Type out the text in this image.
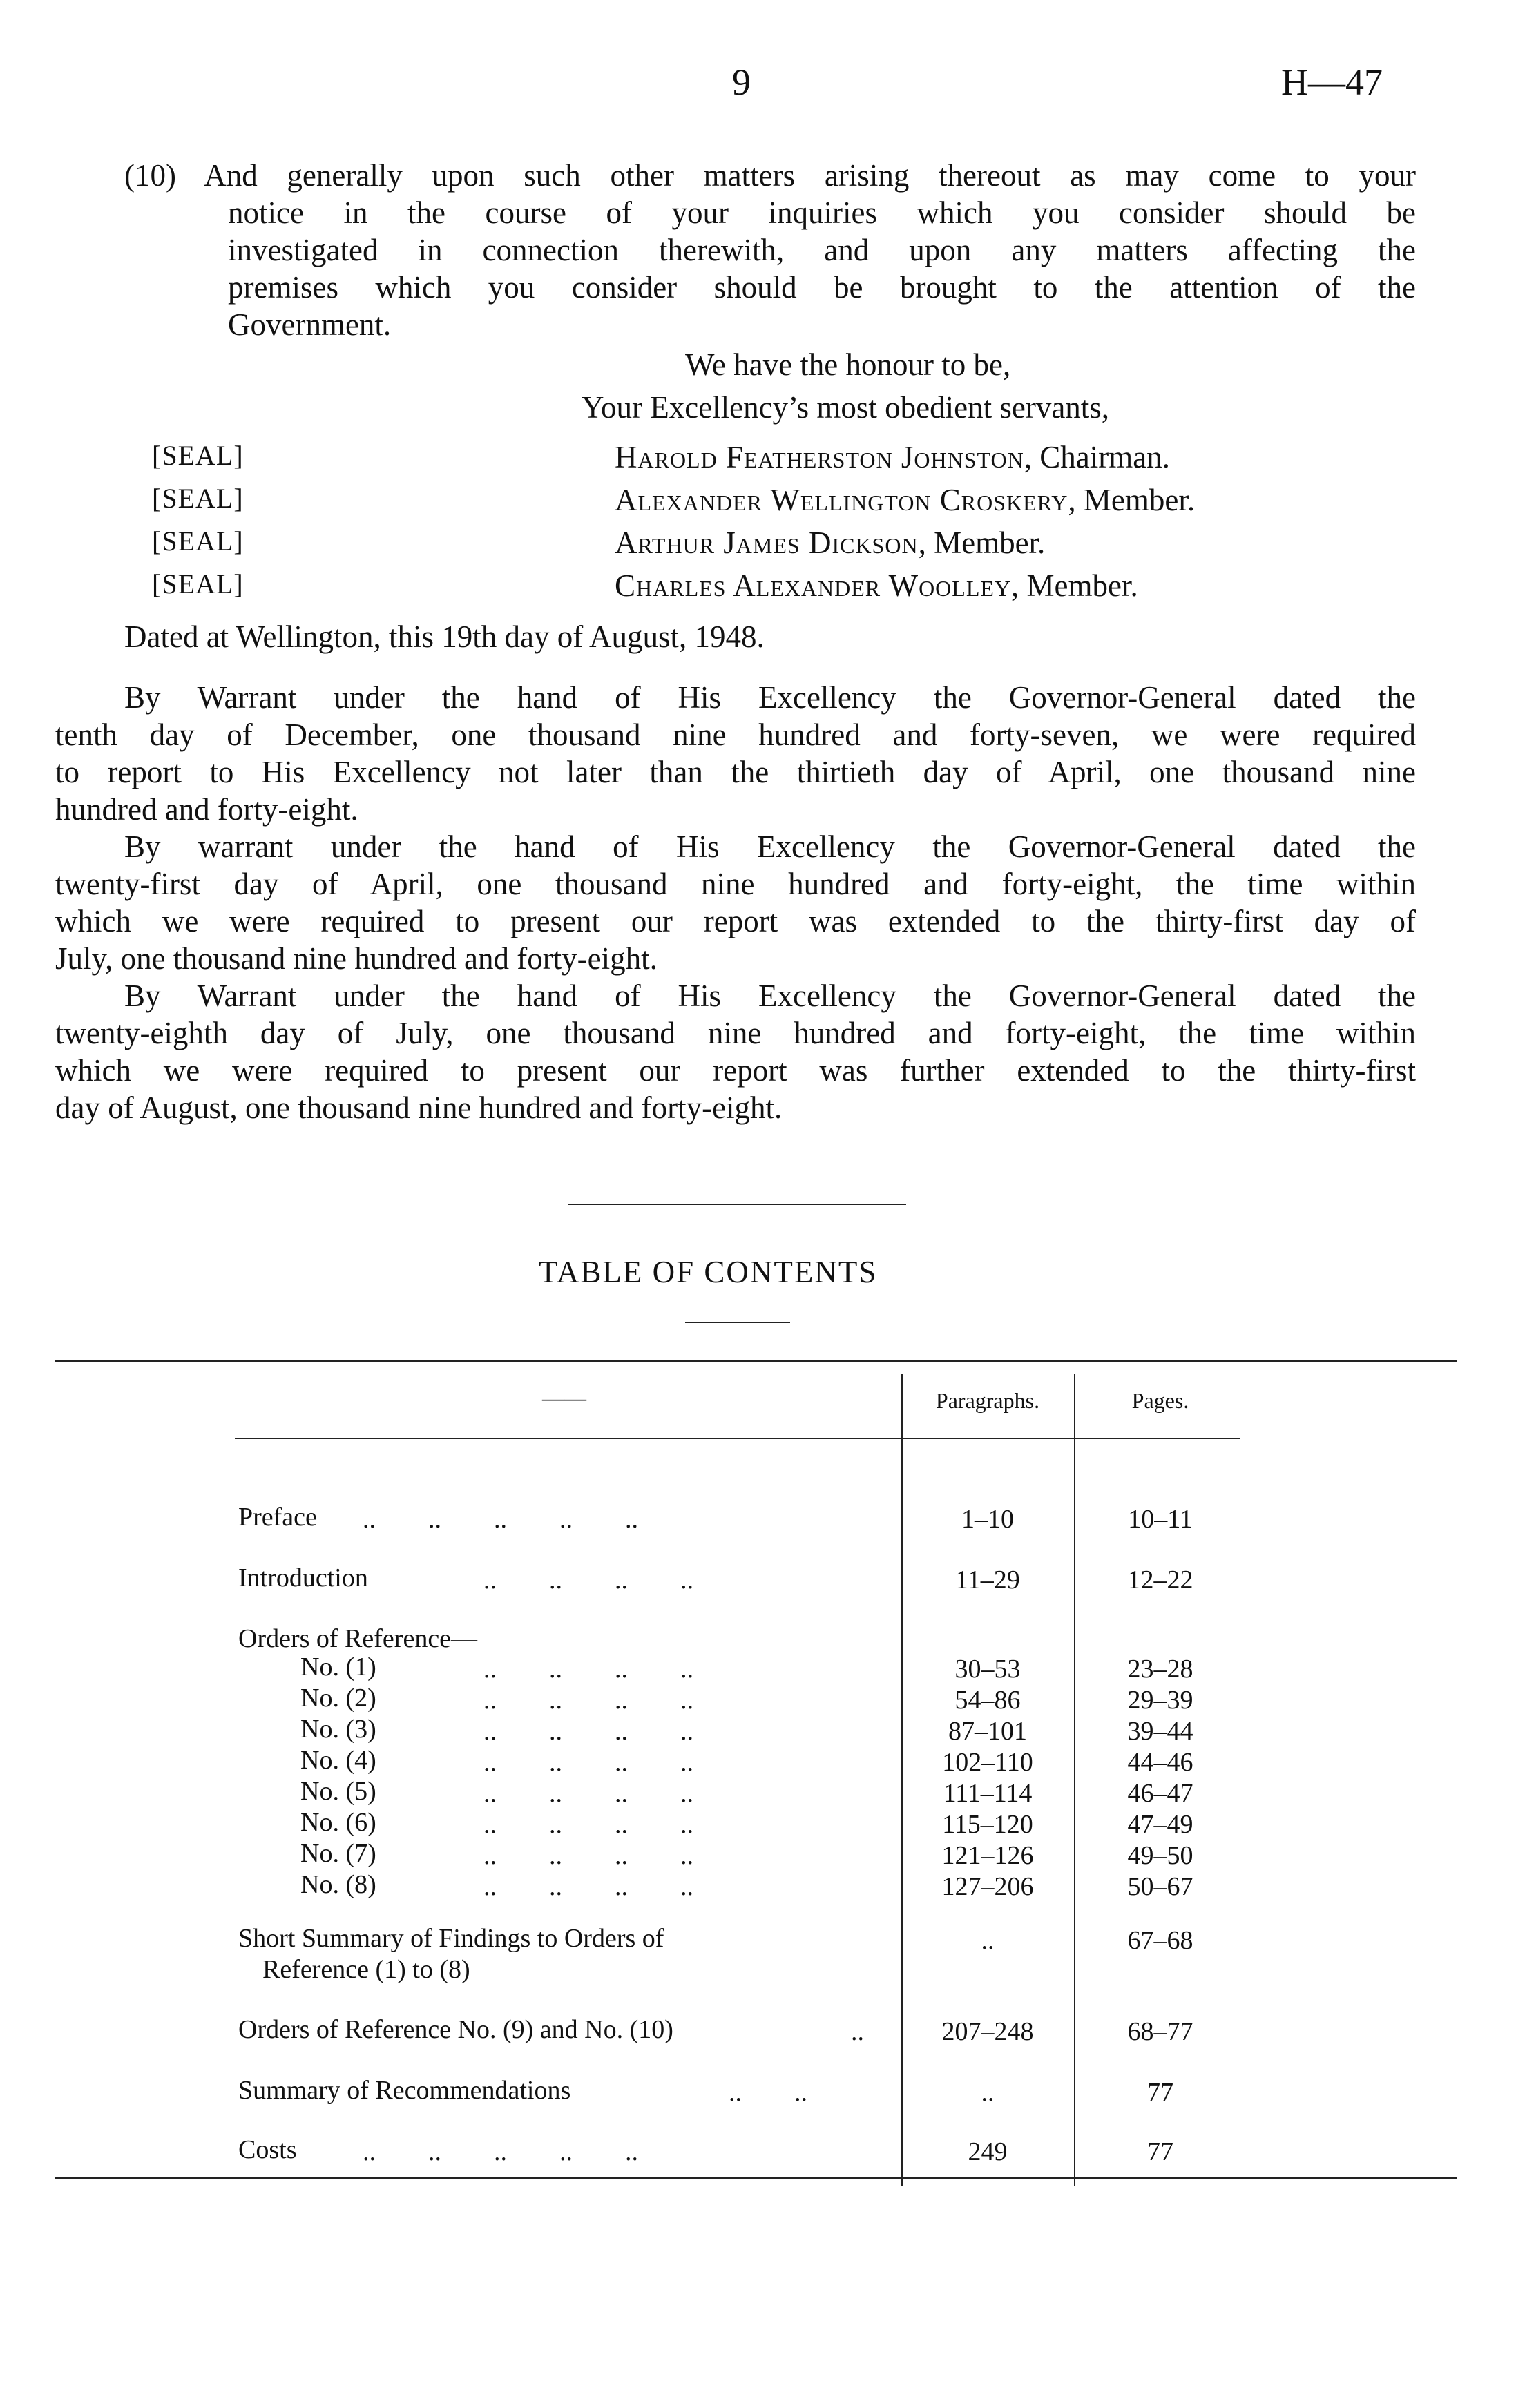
9	H—47
(10) And generally upon such other matters arising thereout as may come to your
notice in the course of your inquiries which you consider should be
investigated in connection therewith, and upon any matters affecting the
premises which you consider should be brought to the attention of the
Government.
We have the honour to be,
Your Excellency’s most obedient servants,
[SEAL]
[SEAL]
[SEAL]
[SEAL]
Harold Featherston Johnston, Chairman.
Alexander Wellington Croskery, Member.
Arthur James Dickson, Member.
Charles Alexander Woolley, Member.
Dated at Wellington, this 19th day of August, 1948.
By Warrant under the hand of His Excellency the Governor-General dated the
tenth day of December, one thousand nine hundred and forty-seven, we were required
to report to His Excellency not later than the thirtieth day of April, one thousand nine
hundred and forty-eight.
By warrant under the hand of His Excellency the Governor-General dated the
twenty-first day of April, one thousand nine hundred and forty-eight, the time within
which we were required to present our report was extended to the thirty-first day of
July, one thousand nine hundred and forty-eight.
By Warrant under the hand of His Excellency the Governor-General dated the
twenty-eighth day of July, one thousand nine hundred and forty-eight, the time within
which we were required to present our report was further extended to the thirty-first
day of August, one thousand nine hundred and forty-eight.
TABLE OF CONTENTS
——	Paragraphs.	Pages.
Preface ..        ..        ..        ..        ..	1–10	10–11
Introduction	..        ..        ..        ..	11–29	12–22
Orders of Reference—
No. (1)	..        ..        ..        ..	30–53	23–28
No. (2)	..        ..        ..        ..	54–86	29–39
No. (3)	..        ..        ..        ..	87–101	39–44
No. (4)	..        ..        ..        ..	102–110	44–46
No. (5)	..        ..        ..        ..	111–114	46–47
No. (6)	..        ..        ..        ..	115–120	47–49
No. (7)	..        ..        ..        ..	121–126	49–50
No. (8)	..        ..        ..        ..	127–206	50–67
Short Summary of Findings to Orders of
Reference (1) to (8)
..	67–68
Orders of Reference No. (9) and No. (10)	..	207–248	68–77
Summary of Recommendations	..        ..	..	77
Costs	..        ..        ..        ..        ..	249	77
